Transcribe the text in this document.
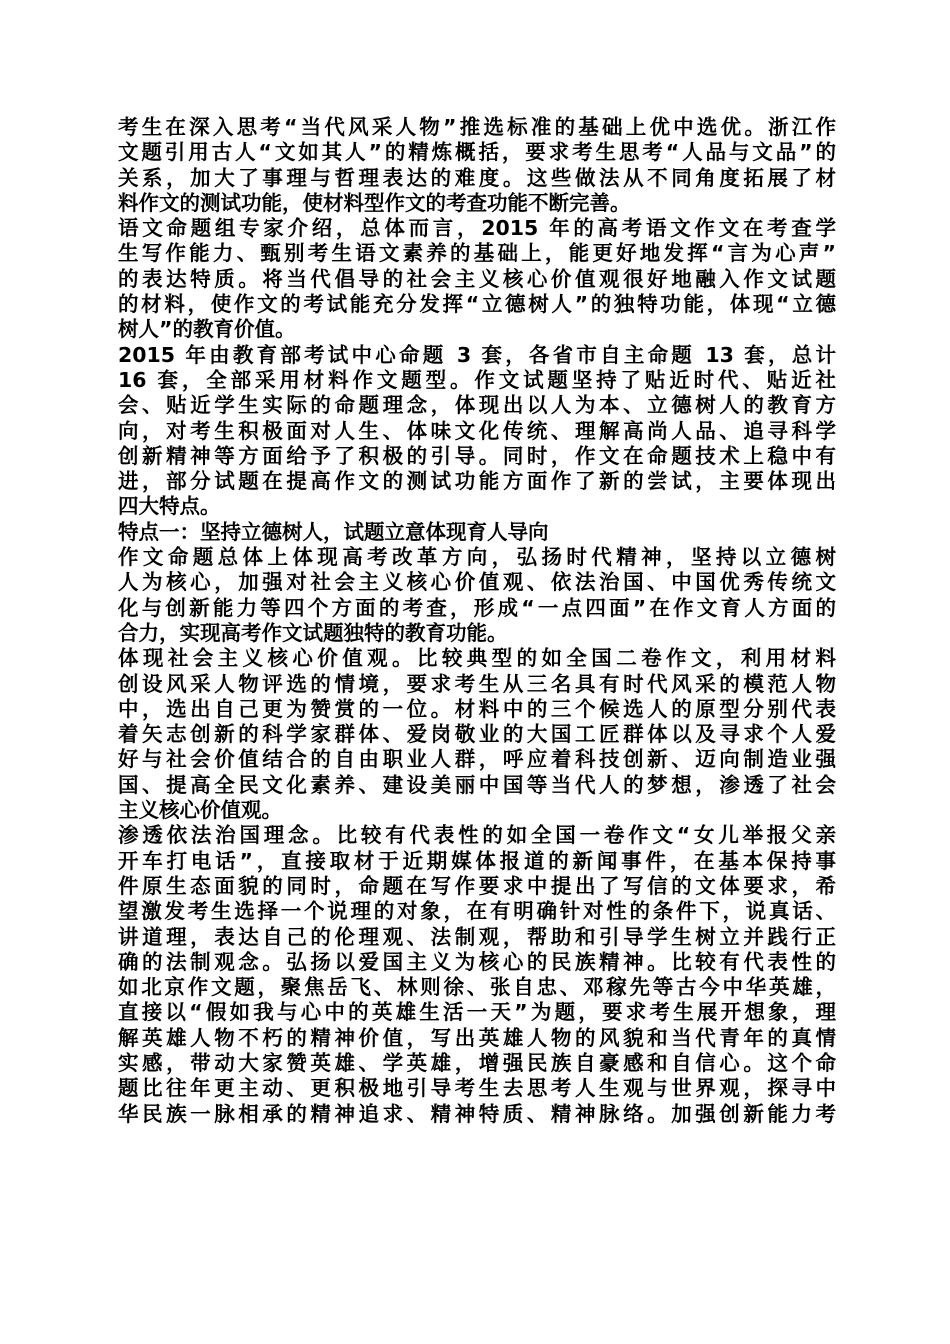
考生在深入思考“当代风采人物”推选标准的基础上优中选优。浙江作
文题引用古人“文如其人”的精炼概括，要求考生思考“人品与文品”的
关系，加大了事理与哲理表达的难度。这些做法从不同角度拓展了材
料作文的测试功能，使材料型作文的考查功能不断完善。
语文命题组专家介绍，总体而言，2015 年的高考语文作文在考查学
生写作能力、甄别考生语文素养的基础上，能更好地发挥“言为心声”
的表达特质。将当代倡导的社会主义核心价值观很好地融入作文试题
的材料，使作文的考试能充分发挥“立德树人”的独特功能，体现“立德
树人”的教育价值。
2015 年由教育部考试中心命题 3 套，各省市自主命题 13 套，总计
16 套，全部采用材料作文题型。作文试题坚持了贴近时代、贴近社
会、贴近学生实际的命题理念，体现出以人为本、立德树人的教育方
向，对考生积极面对人生、体味文化传统、理解高尚人品、追寻科学
创新精神等方面给予了积极的引导。同时，作文在命题技术上稳中有
进，部分试题在提高作文的测试功能方面作了新的尝试，主要体现出
四大特点。
特点一：坚持立德树人，试题立意体现育人导向
作文命题总体上体现高考改革方向，弘扬时代精神，坚持以立德树
人为核心，加强对社会主义核心价值观、依法治国、中国优秀传统文
化与创新能力等四个方面的考查，形成“一点四面”在作文育人方面的
合力，实现高考作文试题独特的教育功能。
体现社会主义核心价值观。比较典型的如全国二卷作文，利用材料
创设风采人物评选的情境，要求考生从三名具有时代风采的模范人物
中，选出自己更为赞赏的一位。材料中的三个候选人的原型分别代表
着矢志创新的科学家群体、爱岗敬业的大国工匠群体以及寻求个人爱
好与社会价值结合的自由职业人群，呼应着科技创新、迈向制造业强
国、提高全民文化素养、建设美丽中国等当代人的梦想，渗透了社会
主义核心价值观。
渗透依法治国理念。比较有代表性的如全国一卷作文“女儿举报父亲
开车打电话”，直接取材于近期媒体报道的新闻事件，在基本保持事
件原生态面貌的同时，命题在写作要求中提出了写信的文体要求，希
望激发考生选择一个说理的对象，在有明确针对性的条件下，说真话、
讲道理，表达自己的伦理观、法制观，帮助和引导学生树立并践行正
确的法制观念。弘扬以爱国主义为核心的民族精神。比较有代表性的
如北京作文题，聚焦岳飞、林则徐、张自忠、邓稼先等古今中华英雄，
直接以“假如我与心中的英雄生活一天”为题，要求考生展开想象，理
解英雄人物不朽的精神价值，写出英雄人物的风貌和当代青年的真情
实感，带动大家赞英雄、学英雄，增强民族自豪感和自信心。这个命
题比往年更主动、更积极地引导考生去思考人生观与世界观，探寻中
华民族一脉相承的精神追求、精神特质、精神脉络。加强创新能力考
